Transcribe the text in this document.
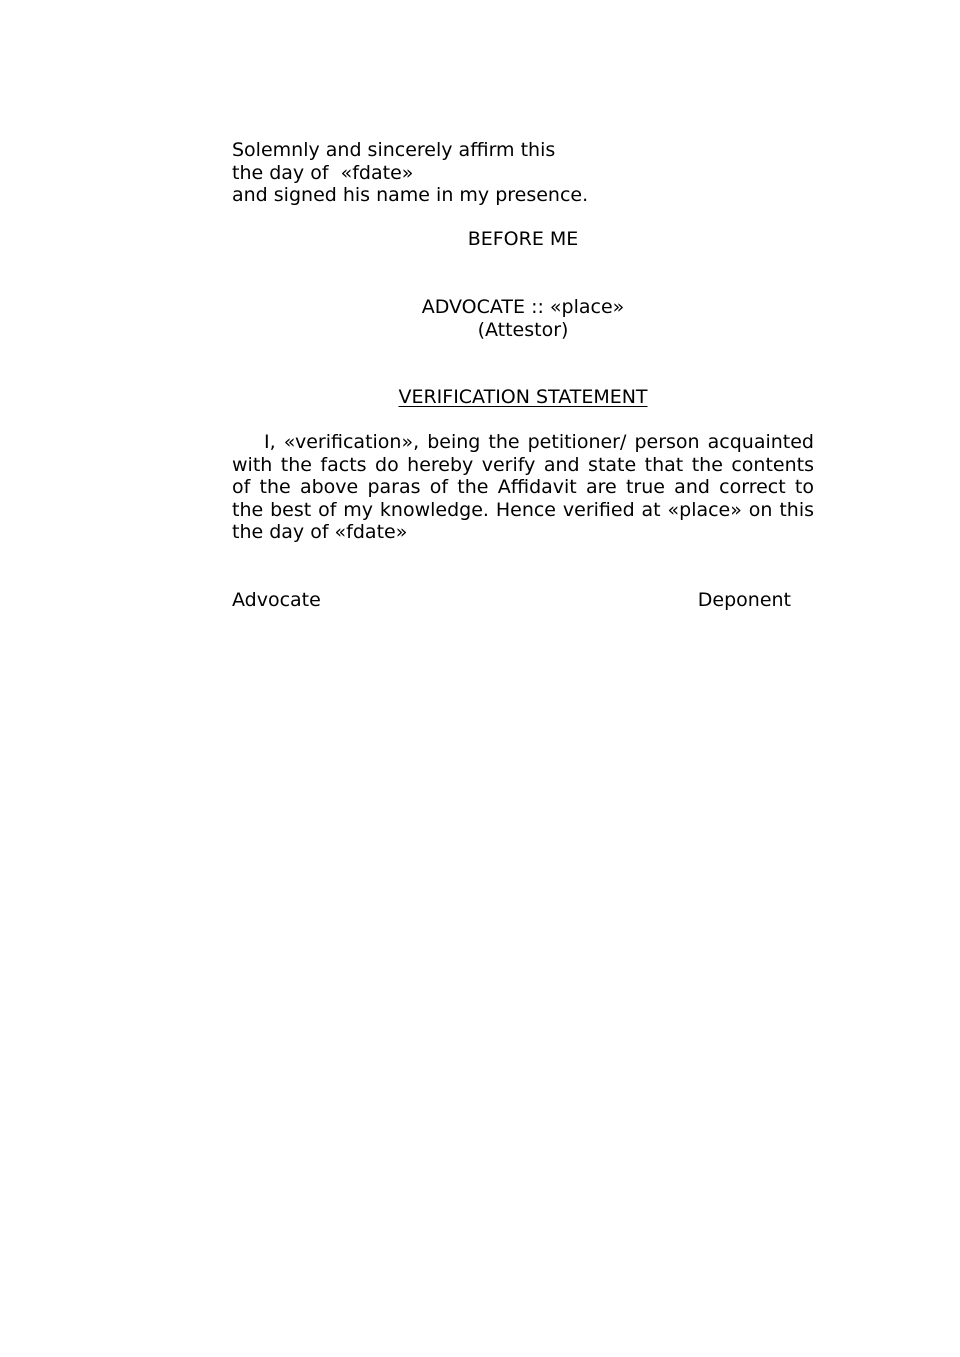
Solemnly and sincerely affirm this
the day of  «fdate»
and signed his name in my presence.
BEFORE ME
ADVOCATE :: «place»
(Attestor)
VERIFICATION STATEMENT
I, «verification», being the petitioner/ person acquainted with the facts do hereby verify and state that the contents of the above paras of the Affidavit are true and correct to the best of my knowledge. Hence verified at «place» on this the day of «fdate»
Advocate	Deponent
